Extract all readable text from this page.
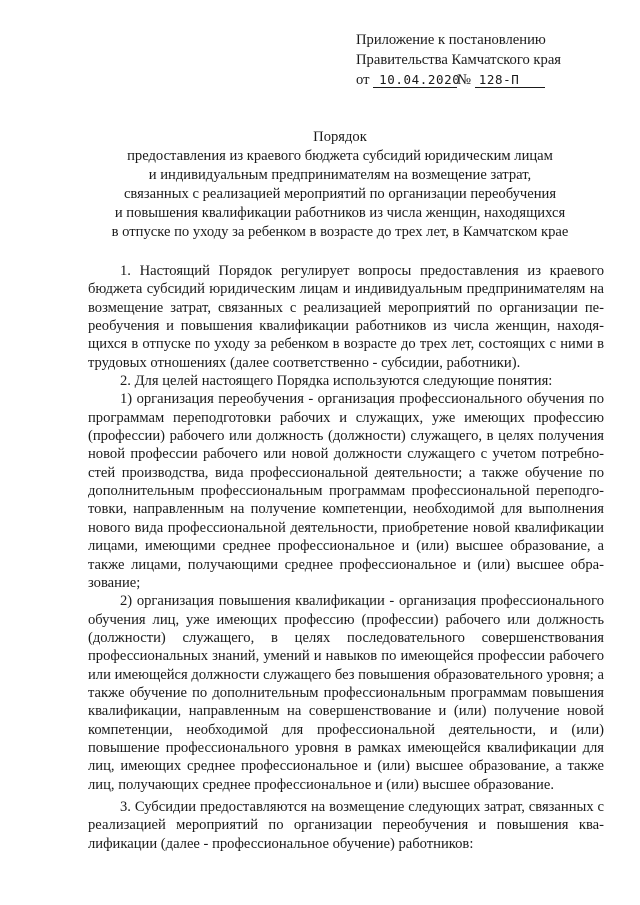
Приложение к постановлению
Правительства Камчатского края
от 10.04.2020№ 128-П
Порядок
предоставления из краевого бюджета субсидий юридическим лицам
и индивидуальным предпринимателям на возмещение затрат,
связанных с реализацией мероприятий по организации переобучения
и повышения квалификации работников из числа женщин, находящихся
в отпуске по уходу за ребенком в возрасте до трех лет, в Камчатском крае

1. Настоящий Порядок регулирует вопросы предоставления из краевого бюджета субсидий юридическим лицам и индивидуальным предпринимателям на возмещение затрат, связанных с реализацией мероприятий по организации переобучения и повышения квалификации работников из числа женщин, находящихся в отпуске по уходу за ребенком в возрасте до трех лет, состоящих с ними в трудовых отношениях (далее соответственно - субсидии, работники).

2. Для целей настоящего Порядка используются следующие понятия:

1) организация переобучения - организация профессионального обучения по программам переподготовки рабочих и служащих, уже имеющих профессию (профессии) рабочего или должность (должности) служащего, в целях получения новой профессии рабочего или новой должности служащего с учетом потребностей производства, вида профессиональной деятельности; а также обучение по дополнительным профессиональным программам профессиональной переподготовки, направленным на получение компетенции, необходимой для выполнения нового вида профессиональной деятельности, приобретение новой квалификации лицами, имеющими среднее профессиональное и (или) высшее образование, а также лицами, получающими среднее профессиональное и (или) высшее образование;

2) организация повышения квалификации - организация профессионального обучения лиц, уже имеющих профессию (профессии) рабочего или должность (должности) служащего, в целях последовательного совершенствования профессиональных знаний, умений и навыков по имеющейся профессии рабочего или имеющейся должности служащего без повышения образовательного уровня; а также обучение по дополнительным профессиональным программам повышения квалификации, направленным на совершенствование и (или) получение новой компетенции, необходимой для профессиональной деятельности, и (или) повышение профессионального уровня в рамках имеющейся квалификации для лиц, имеющих среднее профессиональное и (или) высшее образование, а также лиц, получающих среднее профессиональное и (или) высшее образование.

3. Субсидии предоставляются на возмещение следующих затрат, связанных с реализацией мероприятий по организации переобучения и повышения квалификации (далее - профессиональное обучение) работников:
